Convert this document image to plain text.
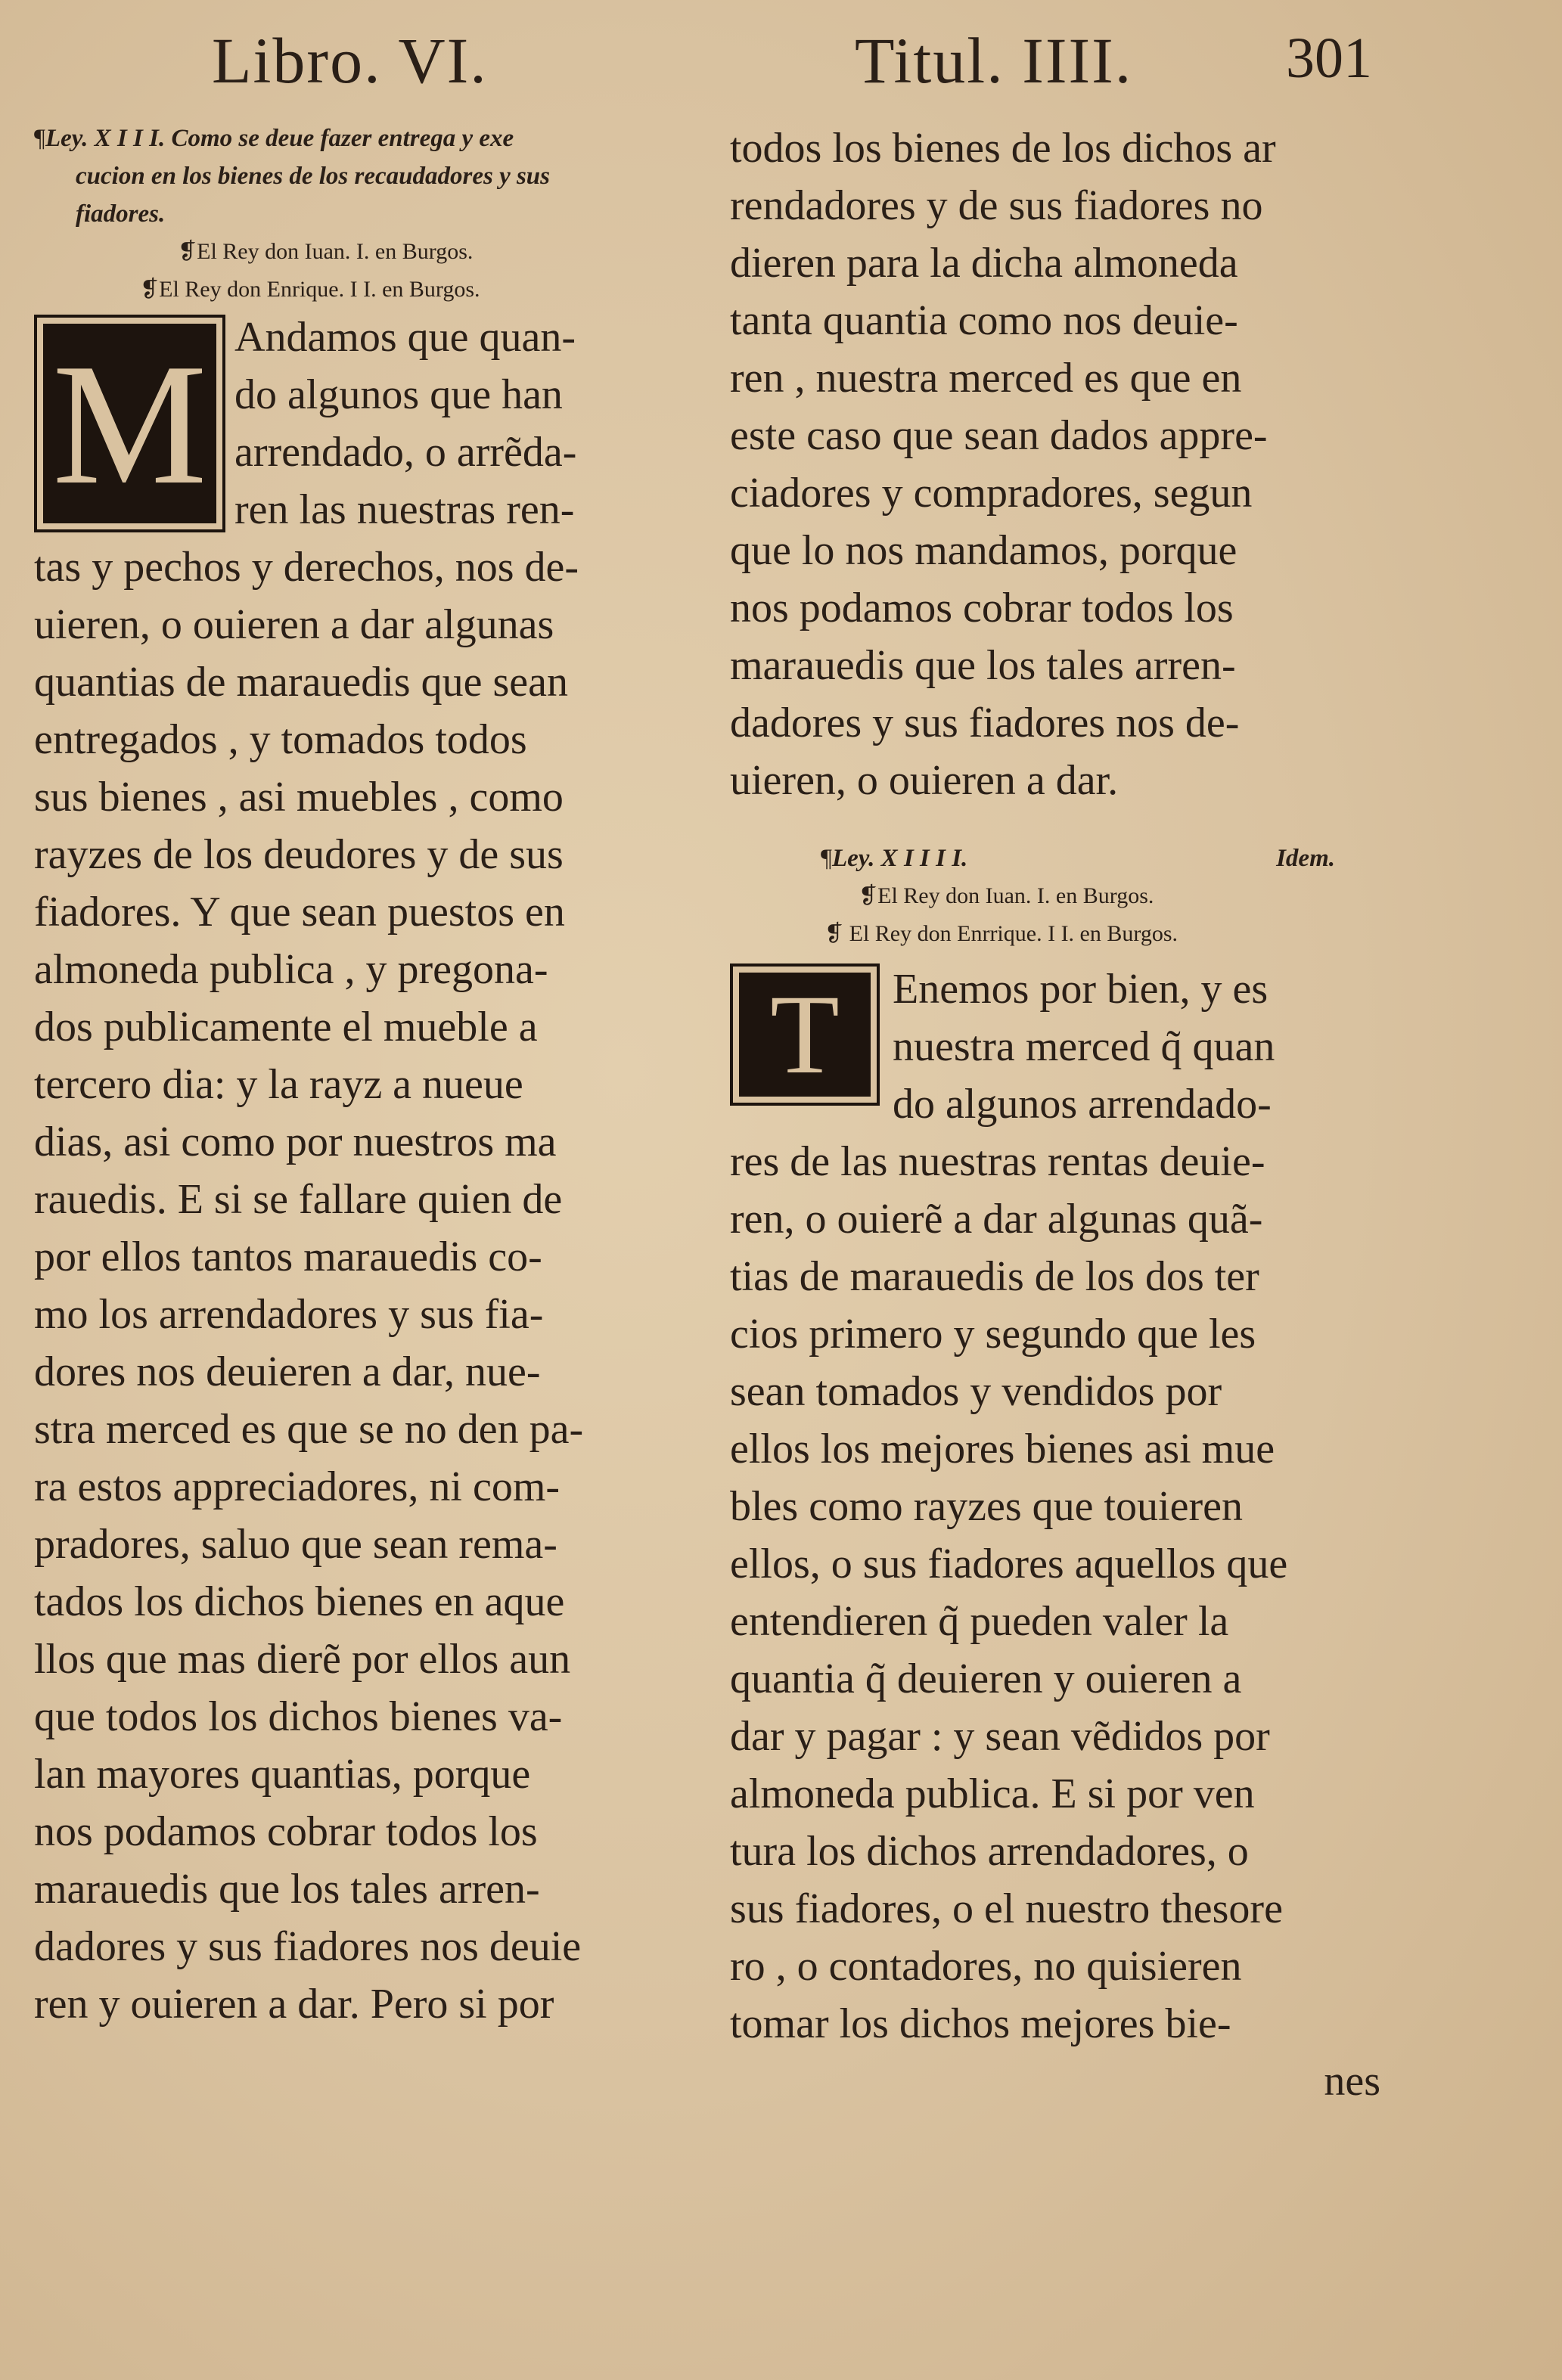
Libro. VI.	Titul. IIII.	301
¶Ley. X I I I. Como se deue fazer entrega y exe
cucion en los bienes de los recaudadores y sus
fiadores.

❡El Rey don Iuan. I. en Burgos.

❡El Rey don Enrique. I I. en Burgos.

M Andamos que quan-
do algunos que han
arrendado, o arrẽda-
ren las nuestras ren-
tas y pechos y derechos, nos de-
uieren, o ouieren a dar algunas
quantias de marauedis que sean
entregados , y tomados todos
sus bienes , asi muebles , como
rayzes de los deudores y de sus
fiadores. Y que sean puestos en
almoneda publica , y pregona-
dos publicamente el mueble a
tercero dia: y la rayz a nueue
dias, asi como por nuestros ma
rauedis. E si se fallare quien de
por ellos tantos marauedis co-
mo los arrendadores y sus fia-
dores nos deuieren a dar, nue-
stra merced es que se no den pa-
ra estos appreciadores, ni com-
pradores, saluo que sean rema-
tados los dichos bienes en aque
llos que mas dierẽ por ellos aun
que todos los dichos bienes va-
lan mayores quantias, porque
nos podamos cobrar todos los
marauedis que los tales arren-
dadores y sus fiadores nos deuie
ren y ouieren a dar. Pero si por
todos los bienes de los dichos ar
rendadores y de sus fiadores no
dieren para la dicha almoneda
tanta quantia como nos deuie-
ren , nuestra merced es que en
este caso que sean dados appre-
ciadores y compradores, segun
que lo nos mandamos, porque
nos podamos cobrar todos los
marauedis que los tales arren-
dadores y sus fiadores nos de-
uieren, o ouieren a dar.
¶Ley. X I I I I.	Idem.

❡El Rey don Iuan. I. en Burgos.

❡ El Rey don Enrrique. I I. en Burgos.

T	Enemos por bien, y es
nuestra merced q̃ quan
do algunos arrendado-
res de las nuestras rentas deuie-
ren, o ouierẽ a dar algunas quã-
tias de marauedis de los dos ter
cios primero y segundo que les
sean tomados y vendidos por
ellos los mejores bienes asi mue
bles como rayzes que touieren
ellos, o sus fiadores aquellos que
entendieren q̃ pueden valer la
quantia q̃ deuieren y ouieren a
dar y pagar : y sean vẽdidos por
almoneda publica. E si por ven
tura los dichos arrendadores, o
sus fiadores, o el nuestro thesore
ro , o contadores, no quisieren
tomar los dichos mejores bie-
nes
